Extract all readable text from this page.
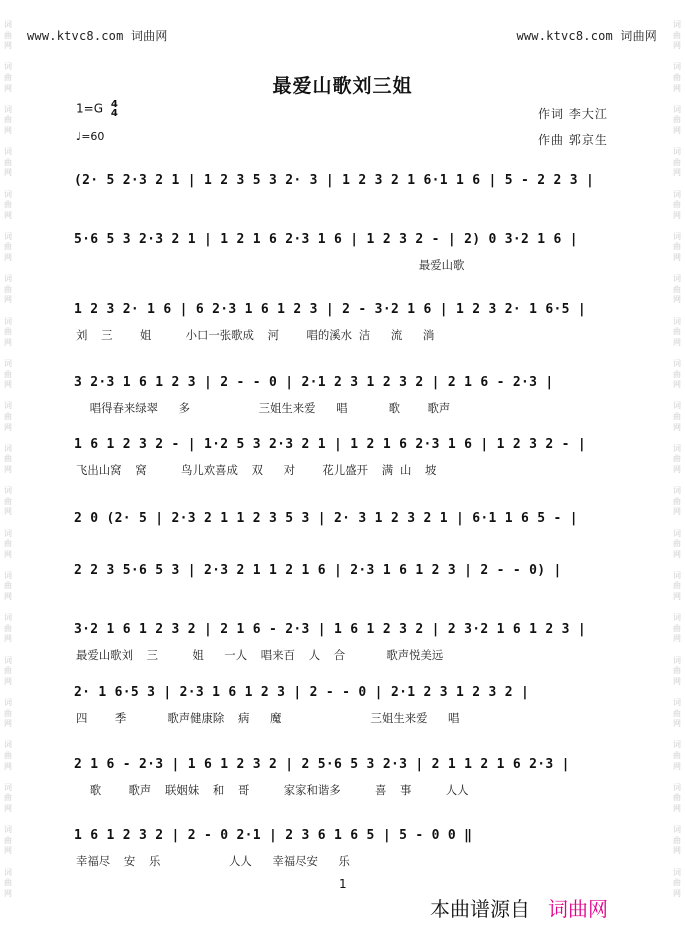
www.ktvc8.com 词曲网	www.ktvc8.com 词曲网
词
曲
网

词
曲
网

词
曲
网

词
曲
网

词
曲
网

词
曲
网

词
曲
网

词
曲
网

词
曲
网

词
曲
网

词
曲
网

词
曲
网

词
曲
网

词
曲
网

词
曲
网

词
曲
网

词
曲
网

词
曲
网

词
曲
网

词
曲
网

词
曲
网
词
曲
网

词
曲
网

词
曲
网

词
曲
网

词
曲
网

词
曲
网

词
曲
网

词
曲
网

词
曲
网

词
曲
网

词
曲
网

词
曲
网

词
曲
网

词
曲
网

词
曲
网

词
曲
网

词
曲
网

词
曲
网

词
曲
网

词
曲
网

词
曲
网
最爱山歌刘三姐
1=G 4
4
♩=60
作词 李大江
作曲 郭京生
(2· 5 2·3 2 1 | 1 2 3 5 3 2· 3 | 1 2 3 2 1 6·1 1 6 | 5 - 2 2 3 |
5·6 5 3 2·3 2 1 | 1 2 1 6 2·3 1 6 | 1 2 3 2 - | 2) 0 3·2 1 6 |
最爱山歌
1 2 3 2· 1 6 | 6 2·3 1 6 1 2 3 | 2 - 3·2 1 6 | 1 2 3 2· 1 6·5 |
刘  三    姐     小口一张歌成  河    唱的溪水 洁   流   淌
3 2·3 1 6 1 2 3 | 2 - - 0 | 2·1 2 3 1 2 3 2 | 2 1 6 - 2·3 |
唱得春来绿翠   多          三姐生来爱   唱      歌    歌声
1 6 1 2 3 2 - | 1·2 5 3 2·3 2 1 | 1 2 1 6 2·3 1 6 | 1 2 3 2 - |
飞出山窝  窝     鸟儿欢喜成  双   对    花儿盛开  满 山  坡
2 0 (2· 5 | 2·3 2 1 1 2 3 5 3 | 2· 3 1 2 3 2 1 | 6·1 1 6 5 - |
2 2 3 5·6 5 3 | 2·3 2 1 1 2 1 6 | 2·3 1 6 1 2 3 | 2 - - 0) |
3·2 1 6 1 2 3 2 | 2 1 6 - 2·3 | 1 6 1 2 3 2 | 2 3·2 1 6 1 2 3 |
最爱山歌刘  三     姐   一人  唱来百  人  合      歌声悦美远
2· 1 6·5 3 | 2·3 1 6 1 2 3 | 2 - - 0 | 2·1 2 3 1 2 3 2 |
四    季      歌声健康除  病   魔             三姐生来爱   唱
2 1 6 - 2·3 | 1 6 1 2 3 2 | 2 5·6 5 3 2·3 | 2 1 1 2 1 6 2·3 |
歌    歌声  联姻妹  和  哥     家家和谐多     喜  事     人人
1 6 1 2 3 2 | 2 - 0 2·1 | 2 3 6 1 6 5 | 5 - 0 0 ‖
幸福尽  安  乐          人人   幸福尽安   乐
1
本曲谱源自 词曲网
